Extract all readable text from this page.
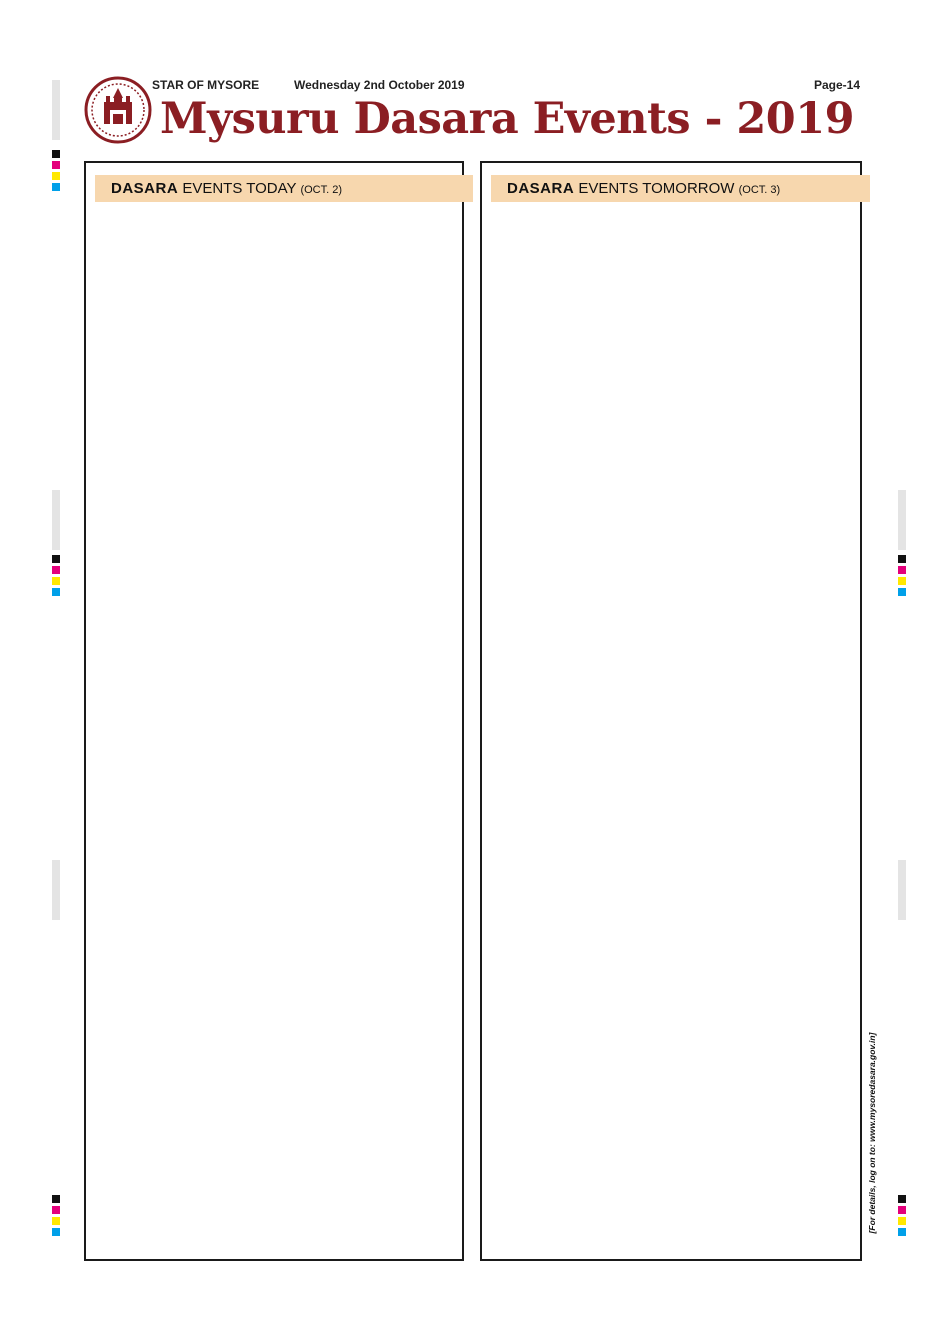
STAR OF MYSORE	Wednesday 2nd October 2019	Page-14
Mysuru Dasara Events - 2019
DASARA EVENTS TODAY (OCT. 2)	DASARA EVENTS TOMORROW (OCT. 3)
[For details, log on to: www.mysoredasara.gov.in]
